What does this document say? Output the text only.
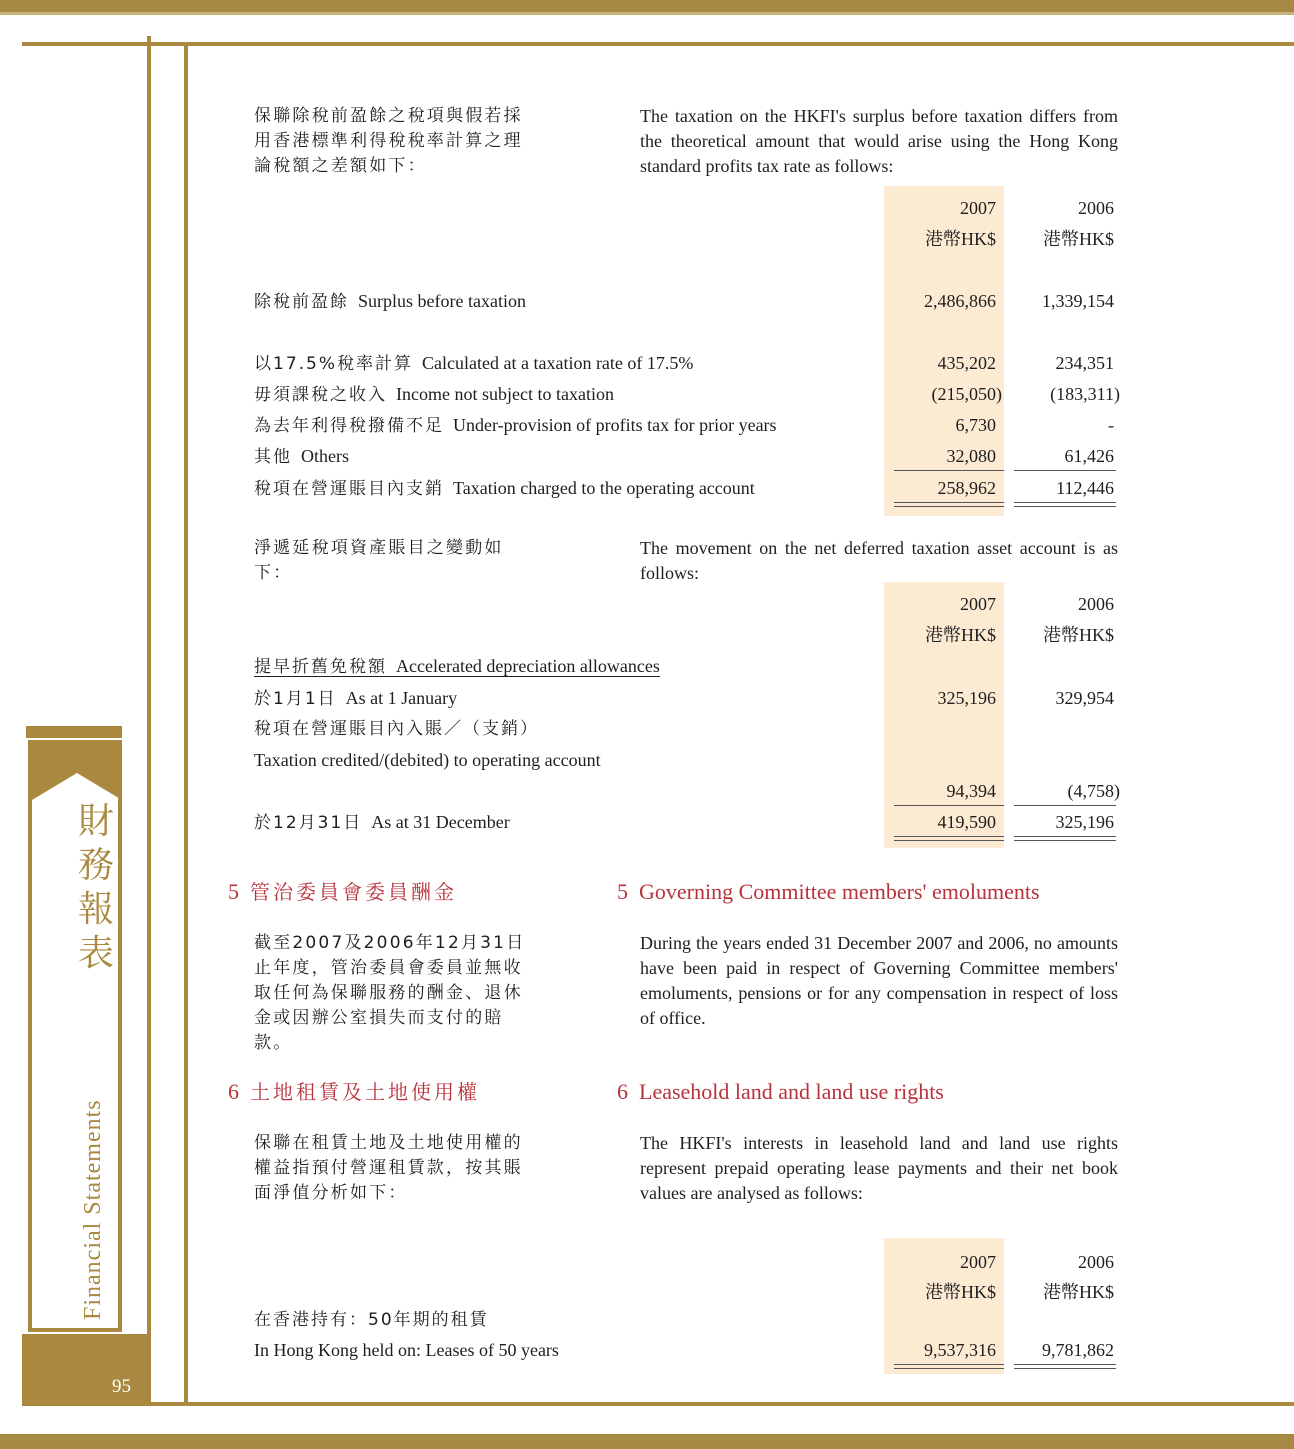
財務報表
Financial Statements
95
保聯除稅前盈餘之稅項與假若採用香港標準利得稅稅率計算之理論稅額之差額如下：
The taxation on the HKFI's surplus before taxation differs from the theoretical amount that would arise using the Hong Kong standard profits tax rate as follows:
2007	2006
港幣HK$	港幣HK$
除稅前盈餘 Surplus before taxation	2,486,866	1,339,154
以17.5%稅率計算 Calculated at a taxation rate of 17.5%	435,202	234,351
毋須課稅之收入 Income not subject to taxation	(215,050)	(183,311)
為去年利得稅撥備不足 Under-provision of profits tax for prior years	6,730	-
其他 Others	32,080	61,426
稅項在營運賬目內支銷 Taxation charged to the operating account	258,962	112,446
淨遞延稅項資產賬目之變動如下：
The movement on the net deferred taxation asset account is as follows:
2007	2006
港幣HK$	港幣HK$
提早折舊免稅額 Accelerated depreciation allowances
於1月1日 As at 1 January	325,196	329,954
稅項在營運賬目內入賬／（支銷）
Taxation credited/(debited) to operating account
94,394	(4,758)
於12月31日 As at 31 December	419,590	325,196
5 管治委員會委員酬金	5 Governing Committee members' emoluments
截至2007及2006年12月31日止年度，管治委員會委員並無收取任何為保聯服務的酬金、退休金或因辦公室損失而支付的賠款。
During the years ended 31 December 2007 and 2006, no amounts have been paid in respect of Governing Committee members' emoluments, pensions or for any compensation in respect of loss of office.
6 土地租賃及土地使用權	6 Leasehold land and land use rights
保聯在租賃土地及土地使用權的權益指預付營運租賃款，按其賬面淨值分析如下：
The HKFI's interests in leasehold land and land use rights represent prepaid operating lease payments and their net book values are analysed as follows:
2007	2006
港幣HK$	港幣HK$
在香港持有：50年期的租賃
In Hong Kong held on: Leases of 50 years	9,537,316	9,781,862
